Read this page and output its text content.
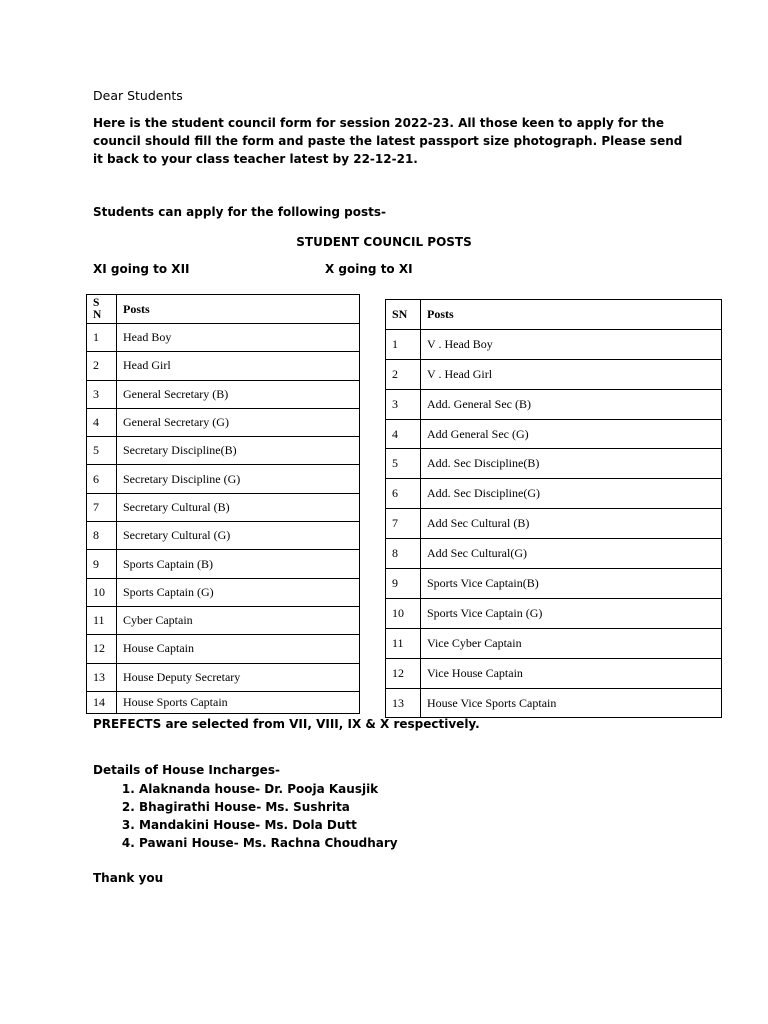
Dear Students
Here is the student council form for session 2022-23. All those keen to apply for the council should fill the form and paste the latest passport size photograph. Please send it back to your class teacher latest by 22-12-21.
Students can apply for the following posts-
STUDENT COUNCIL POSTS
XI going to XII	X going to XI
S N	Posts
1	Head Boy
2	Head Girl
3	General Secretary (B)
4	General Secretary (G)
5	Secretary Discipline(B)
6	Secretary Discipline (G)
7	Secretary Cultural (B)
8	Secretary Cultural (G)
9	Sports Captain (B)
10	Sports Captain (G)
11	Cyber Captain
12	House Captain
13	House Deputy Secretary
14	House Sports Captain
SN	Posts
1	V . Head Boy
2	V . Head Girl
3	Add. General Sec (B)
4	Add General Sec (G)
5	Add. Sec Discipline(B)
6	Add. Sec Discipline(G)
7	Add Sec Cultural (B)
8	Add Sec Cultural(G)
9	Sports Vice Captain(B)
10	Sports Vice Captain (G)
11	Vice Cyber Captain
12	Vice House Captain
13	House Vice Sports Captain
PREFECTS are selected from VII, VIII, IX & X respectively.
Details of House Incharges-
1. Alaknanda house- Dr. Pooja Kausjik
2. Bhagirathi House- Ms. Sushrita
3. Mandakini House- Ms. Dola Dutt
4. Pawani House- Ms. Rachna Choudhary
Thank you
